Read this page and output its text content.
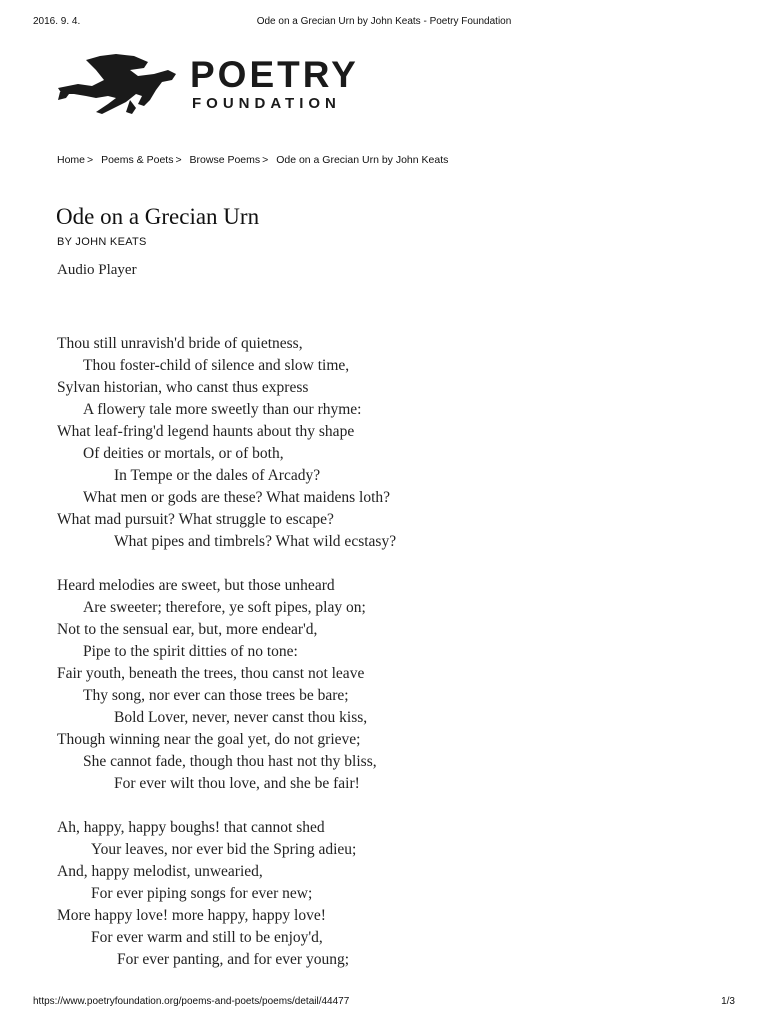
2016. 9. 4.	Ode on a Grecian Urn by John Keats - Poetry Foundation
POETRY
FOUNDATION
Home > Poems & Poets > Browse Poems > Ode on a Grecian Urn by John Keats
Ode on a Grecian Urn
BY JOHN KEATS
Audio Player
Thou still unravish'd bride of quietness,
Thou foster-child of silence and slow time,
Sylvan historian, who canst thus express
A flowery tale more sweetly than our rhyme:
What leaf-fring'd legend haunts about thy shape
Of deities or mortals, or of both,
In Tempe or the dales of Arcady?
What men or gods are these? What maidens loth?
What mad pursuit? What struggle to escape?
What pipes and timbrels? What wild ecstasy?
Heard melodies are sweet, but those unheard
Are sweeter; therefore, ye soft pipes, play on;
Not to the sensual ear, but, more endear'd,
Pipe to the spirit ditties of no tone:
Fair youth, beneath the trees, thou canst not leave
Thy song, nor ever can those trees be bare;
Bold Lover, never, never canst thou kiss,
Though winning near the goal yet, do not grieve;
She cannot fade, though thou hast not thy bliss,
For ever wilt thou love, and she be fair!
Ah, happy, happy boughs! that cannot shed
Your leaves, nor ever bid the Spring adieu;
And, happy melodist, unwearied,
For ever piping songs for ever new;
More happy love! more happy, happy love!
For ever warm and still to be enjoy'd,
For ever panting, and for ever young;
https://www.poetryfoundation.org/poems-and-poets/poems/detail/44477	1/3
